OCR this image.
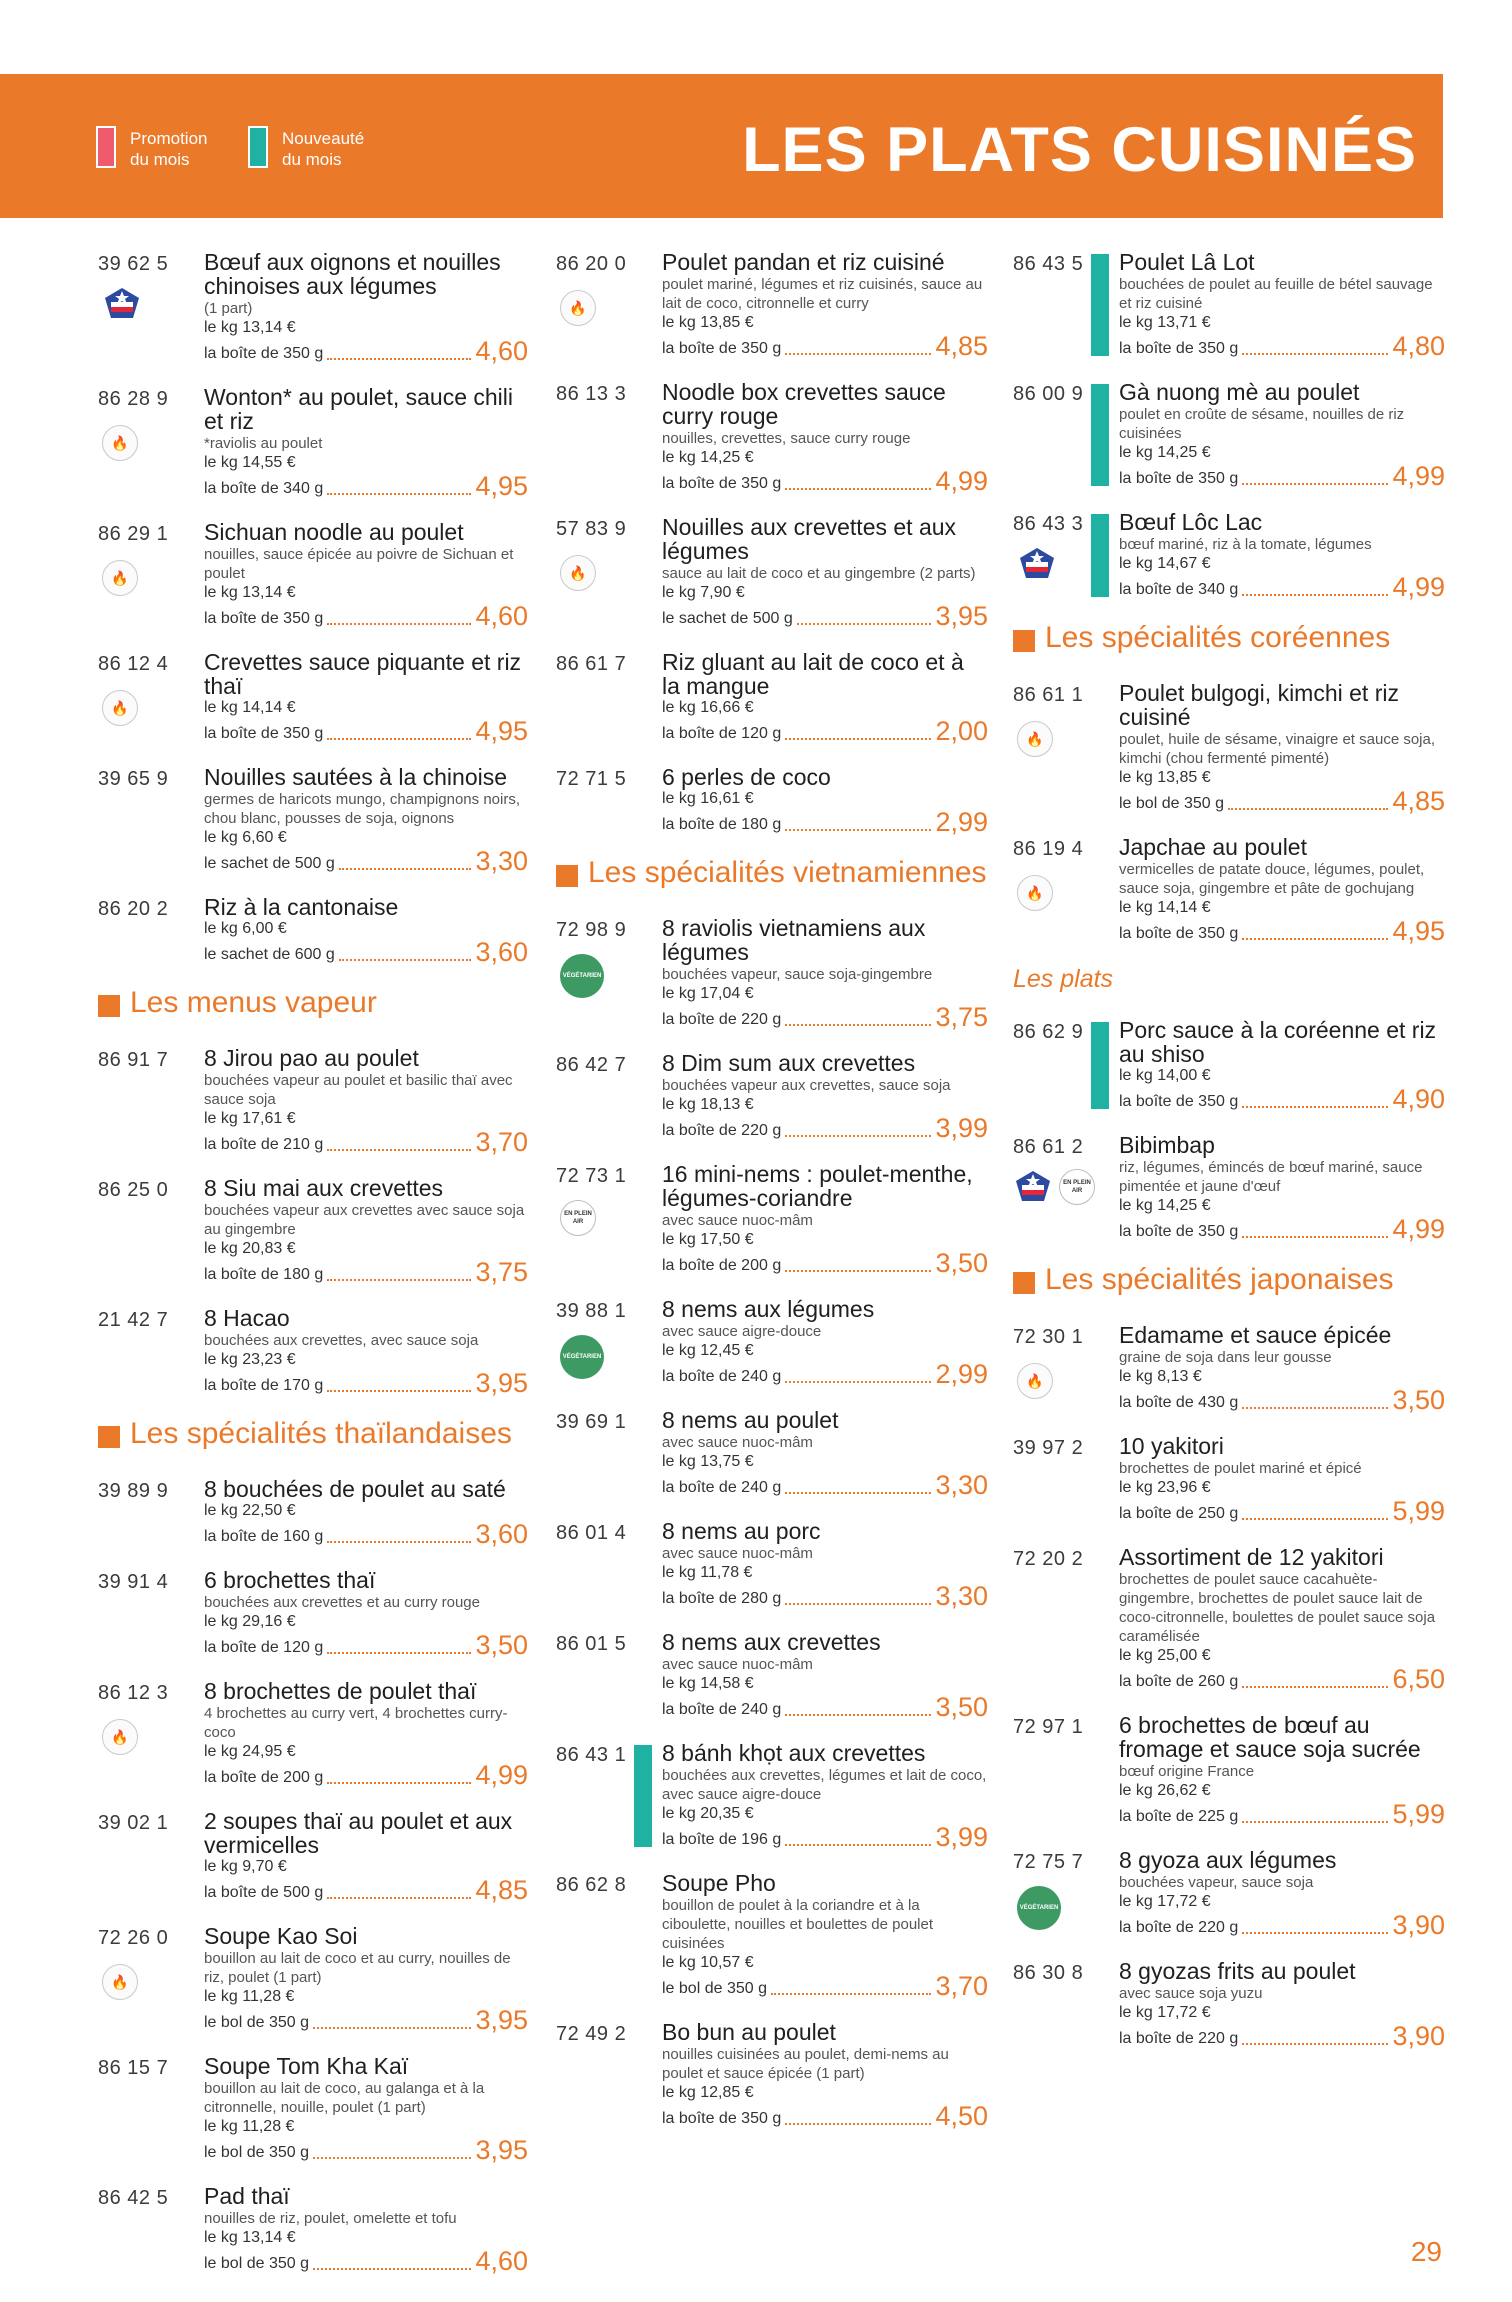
Promotion
du mois
Nouveauté
du mois	LES PLATS CUISINÉS
39 62 5 Bœuf aux oignons et nouilles chinoises aux légumes
(1 part)
le kg 13,14 €
la boîte de 350 g	4,60
86 28 9
🔥
Wonton* au poulet, sauce chili et riz
*raviolis au poulet
le kg 14,55 €
la boîte de 340 g	4,95
86 29 1
🔥
Sichuan noodle au poulet
nouilles, sauce épicée au poivre de Sichuan et poulet
le kg 13,14 €
la boîte de 350 g	4,60
86 12 4
🔥
Crevettes sauce piquante et riz thaï
le kg 14,14 €
la boîte de 350 g	4,95
39 65 9 Nouilles sautées à la chinoise
germes de haricots mungo, champignons noirs, chou blanc, pousses de soja, oignons
le kg 6,60 €
le sachet de 500 g	3,30
86 20 2 Riz à la cantonaise
le kg 6,00 €
le sachet de 600 g	3,60
Les menus vapeur
86 91 7 8 Jirou pao au poulet
bouchées vapeur au poulet et basilic thaï avec sauce soja
le kg 17,61 €
la boîte de 210 g	3,70
86 25 0 8 Siu mai aux crevettes
bouchées vapeur aux crevettes avec sauce soja au gingembre
le kg 20,83 €
la boîte de 180 g	3,75
21 42 7 8 Hacao
bouchées aux crevettes, avec sauce soja
le kg 23,23 €
la boîte de 170 g	3,95
Les spécialités thaïlandaises
39 89 9 8 bouchées de poulet au saté
le kg 22,50 €
la boîte de 160 g	3,60
39 91 4 6 brochettes thaï
bouchées aux crevettes et au curry rouge
le kg 29,16 €
la boîte de 120 g	3,50
86 12 3
🔥
8 brochettes de poulet thaï
4 brochettes au curry vert, 4 brochettes curry-coco
le kg 24,95 €
la boîte de 200 g	4,99
39 02 1 2 soupes thaï au poulet et aux vermicelles
le kg 9,70 €
la boîte de 500 g	4,85
72 26 0
🔥
Soupe Kao Soi
bouillon au lait de coco et au curry, nouilles de riz, poulet (1 part)
le kg 11,28 €
le bol de 350 g	3,95
86 15 7 Soupe Tom Kha Kaï
bouillon au lait de coco, au galanga et à la citronnelle, nouille, poulet (1 part)
le kg 11,28 €
le bol de 350 g	3,95
86 42 5 Pad thaï
nouilles de riz, poulet, omelette et tofu
le kg 13,14 €
le bol de 350 g	4,60
86 20 0
🔥
Poulet pandan et riz cuisiné
poulet mariné, légumes et riz cuisinés, sauce au lait de coco, citronnelle et curry
le kg 13,85 €
la boîte de 350 g	4,85
86 13 3 Noodle box crevettes sauce curry rouge
nouilles, crevettes, sauce curry rouge
le kg 14,25 €
la boîte de 350 g	4,99
57 83 9
🔥
Nouilles aux crevettes et aux légumes
sauce au lait de coco et au gingembre (2 parts)
le kg 7,90 €
le sachet de 500 g	3,95
86 61 7 Riz gluant au lait de coco et à la mangue
le kg 16,66 €
la boîte de 120 g	2,00
72 71 5 6 perles de coco
le kg 16,61 €
la boîte de 180 g	2,99
Les spécialités vietnamiennes
72 98 9
VÉGÉTARIEN
8 raviolis vietnamiens aux légumes
bouchées vapeur, sauce soja-gingembre
le kg 17,04 €
la boîte de 220 g	3,75
86 42 7 8 Dim sum aux crevettes
bouchées vapeur aux crevettes, sauce soja
le kg 18,13 €
la boîte de 220 g	3,99
72 73 1
EN PLEIN AIR
16 mini-nems : poulet-menthe, légumes-coriandre
avec sauce nuoc-mâm
le kg 17,50 €
la boîte de 200 g	3,50
39 88 1
VÉGÉTARIEN
8 nems aux légumes
avec sauce aigre-douce
le kg 12,45 €
la boîte de 240 g	2,99
39 69 1 8 nems au poulet
avec sauce nuoc-mâm
le kg 13,75 €
la boîte de 240 g	3,30
86 01 4 8 nems au porc
avec sauce nuoc-mâm
le kg 11,78 €
la boîte de 280 g	3,30
86 01 5 8 nems aux crevettes
avec sauce nuoc-mâm
le kg 14,58 €
la boîte de 240 g	3,50
86 43 1 8 bánh khọt aux crevettes
bouchées aux crevettes, légumes et lait de coco, avec sauce aigre-douce
le kg 20,35 €
la boîte de 196 g	3,99
86 62 8 Soupe Pho
bouillon de poulet à la coriandre et à la ciboulette, nouilles et boulettes de poulet cuisinées
le kg 10,57 €
le bol de 350 g	3,70
72 49 2 Bo bun au poulet
nouilles cuisinées au poulet, demi-nems au poulet et sauce épicée (1 part)
le kg 12,85 €
la boîte de 350 g	4,50
86 43 5 Poulet Lâ Lot
bouchées de poulet au feuille de bétel sauvage et riz cuisiné
le kg 13,71 €
la boîte de 350 g	4,80
86 00 9 Gà nuong mè au poulet
poulet en croûte de sésame, nouilles de riz cuisinées
le kg 14,25 €
la boîte de 350 g	4,99
86 43 3 Bœuf Lôc Lac
bœuf mariné, riz à la tomate, légumes
le kg 14,67 €
la boîte de 340 g	4,99
Les spécialités coréennes
86 61 1
🔥
Poulet bulgogi, kimchi et riz cuisiné
poulet, huile de sésame, vinaigre et sauce soja, kimchi (chou fermenté pimenté)
le kg 13,85 €
le bol de 350 g	4,85
86 19 4
🔥
Japchae au poulet
vermicelles de patate douce, légumes, poulet, sauce soja, gingembre et pâte de gochujang
le kg 14,14 €
la boîte de 350 g	4,95
Les plats
86 62 9 Porc sauce à la coréenne et riz au shiso
le kg 14,00 €
la boîte de 350 g	4,90
86 61 2
EN PLEIN AIR
Bibimbap
riz, légumes, émincés de bœuf mariné, sauce pimentée et jaune d'œuf
le kg 14,25 €
la boîte de 350 g	4,99
Les spécialités japonaises
72 30 1
🔥
Edamame et sauce épicée
graine de soja dans leur gousse
le kg 8,13 €
la boîte de 430 g	3,50
39 97 2 10 yakitori
brochettes de poulet mariné et épicé
le kg 23,96 €
la boîte de 250 g	5,99
72 20 2 Assortiment de 12 yakitori
brochettes de poulet sauce cacahuète-gingembre, brochettes de poulet sauce lait de coco-citronnelle, boulettes de poulet sauce soja caramélisée
le kg 25,00 €
la boîte de 260 g	6,50
72 97 1 6 brochettes de bœuf au fromage et sauce soja sucrée
bœuf origine France
le kg 26,62 €
la boîte de 225 g	5,99
72 75 7
VÉGÉTARIEN
8 gyoza aux légumes
bouchées vapeur, sauce soja
le kg 17,72 €
la boîte de 220 g	3,90
86 30 8 8 gyozas frits au poulet
avec sauce soja yuzu
le kg 17,72 €
la boîte de 220 g	3,90
29
